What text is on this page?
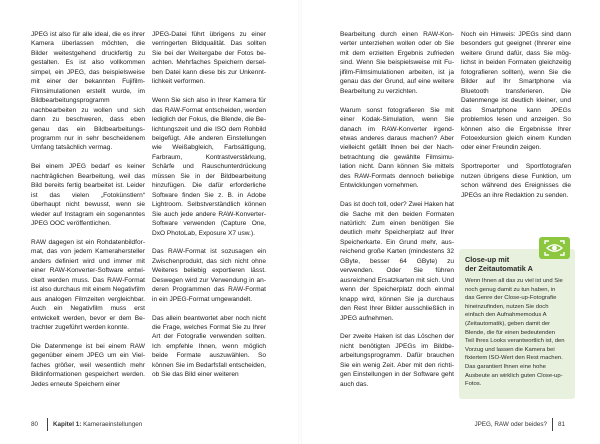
JPEG ist also für alle ideal, die es ihrer Kamera überlassen möchten, die Bilder weitestgehend druckfertig zu gestalten. Es ist also vollkommen simpel, ein JPEG, das beispielsweise mit einer der bekannten Fujifilm-Filmsimulationen erstellt wurde, im Bildbearbeitungsprogramm nachbearbeiten zu wollen und sich dann zu beschweren, dass eben genau das ein Bildbearbeitungsprogramm nur in sehr bescheidenem Umfang tatsächlich vermag.

Bei einem JPEG bedarf es keiner nachträglichen Bearbeitung, weil das Bild bereits fertig bearbeitet ist. Leider ist das vielen „Fotokünstlern“ überhaupt nicht bewusst, wenn sie wieder auf Instagram ein sogenanntes JPEG OOC veröffentlichen.

RAW dagegen ist ein Rohdatenbildformat, das von jedem Kamerahersteller anders definiert wird und immer mit einer RAW-Konverter-Software entwickelt werden muss. Das RAW-Format ist also durchaus mit einem Negativfilm aus analogen Filmzeiten vergleichbar. Auch ein Negativfilm muss erst entwickelt werden, bevor er dem Betrachter zugeführt werden konnte.

Die Datenmenge ist bei einem RAW gegenüber einem JPEG um ein Vielfaches größer, weil wesentlich mehr Bildinformationen gespeichert werden. Jedes erneute Speichern einer

JPEG-Datei führt übrigens zu einer verringerten Bildqualität. Das sollten Sie bei der Weitergabe der Fotos beachten. Mehrfaches Speichern derselben Datei kann diese bis zur Unkenntlichkeit verformen.

Wenn Sie sich also in Ihrer Kamera für das RAW-Format entscheiden, werden lediglich der Fokus, die Blende, die Belichtungszeit und die ISO dem Rohbild beigefügt. Alle anderen Einstellungen wie Weißabgleich, Farbsättigung, Farbraum, Kontrastverstärkung, Schärfe und Rauschunterdrückung müssen Sie in der Bildbearbeitung hinzufügen. Die dafür erforderliche Software finden Sie z. B. in Adobe Lightroom. Selbstverständlich können Sie auch jede andere RAW-Konverter-Software verwenden (Capture One, DxO PhotoLab, Exposure X7 usw.).

Das RAW-Format ist sozusagen ein Zwischenprodukt, das sich nicht ohne Weiteres beliebig exportieren lässt. Deswegen wird zur Verwendung in anderen Programmen das RAW-Format in ein JPEG-Format umgewandelt.

Das allein beantwortet aber noch nicht die Frage, welches Format Sie zu Ihrer Art der Fotografie verwenden sollten. Ich empfehle Ihnen, wenn möglich beide Formate auszuwählen. So können Sie im Bedarfsfall entscheiden, ob Sie das Bild einer weiteren

Bearbeitung durch einen RAW-Konverter unterziehen wollen oder ob Sie mit dem erzielten Ergebnis zufrieden sind. Wenn Sie beispielsweise mit Fujifilm-Filmsimulationen arbeiten, ist ja genau das der Grund, auf eine weitere Bearbeitung zu verzichten.

Warum sonst fotografieren Sie mit einer Kodak-Simulation, wenn Sie danach im RAW-Konverter irgendetwas anderes daraus machen? Aber vielleicht gefällt Ihnen bei der Nachbetrachtung die gewählte Filmsimulation nicht. Dann können Sie mittels des RAW-Formats dennoch beliebige Entwicklungen vornehmen.

Das ist doch toll, oder? Zwei Haken hat die Sache mit den beiden Formaten natürlich: Zum einen benötigen Sie deutlich mehr Speicherplatz auf Ihrer Speicherkarte. Ein Grund mehr, ausreichend große Karten (mindestens 32 GByte, besser 64 GByte) zu verwenden. Oder Sie führen ausreichend Ersatzkarten mit sich. Und wenn der Speicherplatz doch einmal knapp wird, können Sie ja durchaus den Rest Ihrer Bilder ausschließlich in JPEG aufnehmen.

Der zweite Haken ist das Löschen der nicht benötigten JPEGs im Bildbearbeitungsprogramm. Dafür brauchen Sie ein wenig Zeit. Aber mit den richtigen Einstellungen in der Software geht auch das.

Noch ein Hinweis: JPEGs sind dann besonders gut geeignet (Ihrerer eine weitere Grund dafür, dass Sie möglichst in beiden Formaten gleichzeitig fotografieren sollten), wenn Sie die Bilder auf Ihr Smartphone via Bluetooth transferieren. Die Datenmenge ist deutlich kleiner, und das Smartphone kann JPEGs problemlos lesen und anzeigen. So können also die Ergebnisse Ihrer Fotoexkursion gleich einem Kunden oder einer Freundin zeigen.

Sportreporter und Sportfotografen nutzen übrigens diese Funktion, um schon während des Ereignisses die JPEGs an ihre Redaktion zu senden.

Close-up mit
der Zeitautomatik A
Wenn Ihnen all das zu viel ist und Sie noch genug damit zu tun haben, in das Genre der Close-up-Fotografie hineinzufinden, nutzen Sie doch einfach den Aufnahmemodus A (Zeitautomatik), geben damit der Blende, die für einen bedeutenden Teil Ihres Looks verantwortlich ist, den Vorzug und lassen die Kamera bei fixiertem ISO-Wert den Rest machen. Das garantiert Ihnen eine hohe Ausbeute an wirklich guten Close-up-Fotos.
80 Kapitel 1: Kameraeinstellungen	JPEG, RAW oder beides? 81
